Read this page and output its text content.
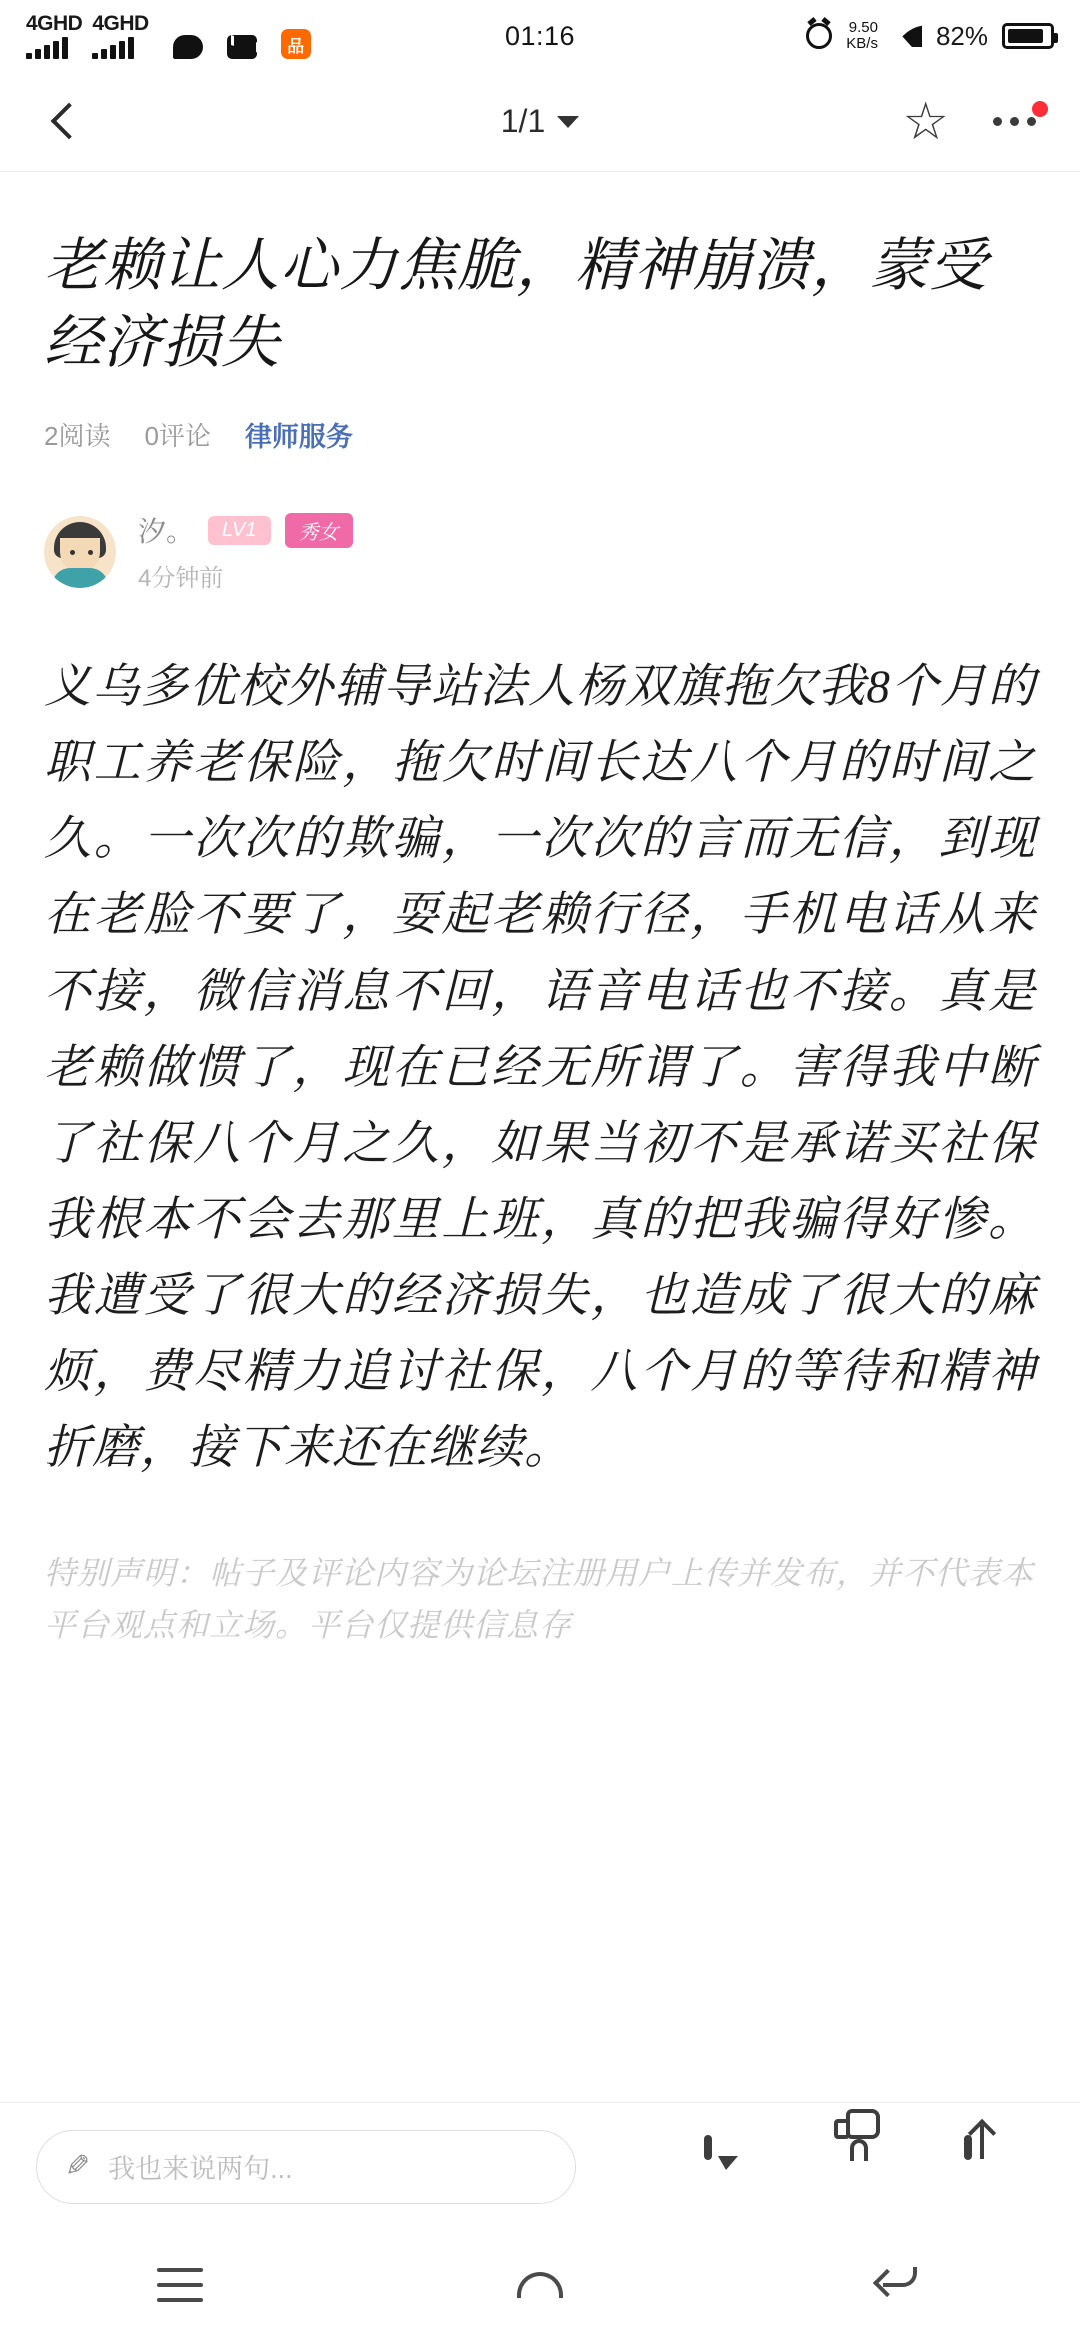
4GHD 4GHD
品	01:16	9.50
KB/s 82%
1/1	☆
老赖让人心力焦脆，精神崩溃，蒙受经济损失
2阅读 0评论 律师服务
汐。	LV1	秀女
4分钟前
义乌多优校外辅导站法人杨双旗拖欠我8个月的职工养老保险，拖欠时间长达八个月的时间之久。一次次的欺骗，一次次的言而无信，到现在老脸不要了，耍起老赖行径，手机电话从来不接，微信消息不回，语音电话也不接。真是老赖做惯了，现在已经无所谓了。害得我中断了社保八个月之久，如果当初不是承诺买社保我根本不会去那里上班，真的把我骗得好惨。我遭受了很大的经济损失，也造成了很大的麻烦，费尽精力追讨社保，八个月的等待和精神折磨，接下来还在继续。
特别声明：帖子及评论内容为论坛注册用户上传并发布，并不代表本平台观点和立场。平台仅提供信息存
✎ 我也来说两句...
